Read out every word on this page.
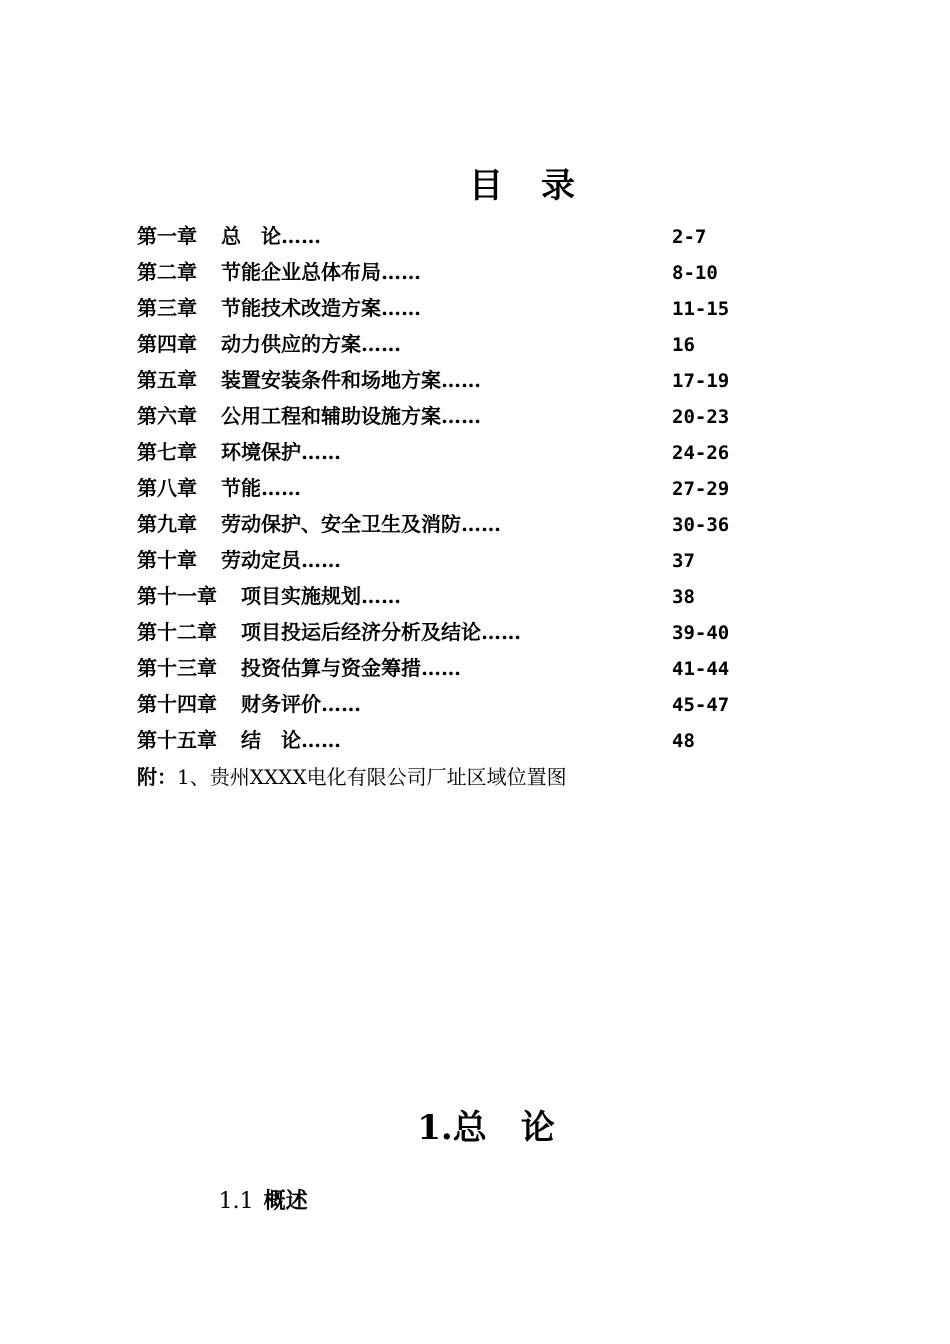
目　录
第一章 总　论 ……	2-7
第二章 节能企业总体布局 ……	8-10
第三章 节能技术改造方案 ……	11-15
第四章 动力供应的方案 ……	16
第五章 装置安装条件和场地方案 ……	17-19
第六章 公用工程和辅助设施方案 ……	20-23
第七章 环境保护 ……	24-26
第八章 节能 ……	27-29
第九章 劳动保护、安全卫生及消防 ……	30-36
第十章 劳动定员 ……	37
第十一章 项目实施规划 ……	38
第十二章 项目投运后经济分析及结论 ……	39-40
第十三章 投资估算与资金筹措 ……	41-44
第十四章 财务评价 ……	45-47
第十五章 结　论 ……	48
附：1、贵州XXXX电化有限公司厂址区域位置图
1.总　论

1.1 概述
